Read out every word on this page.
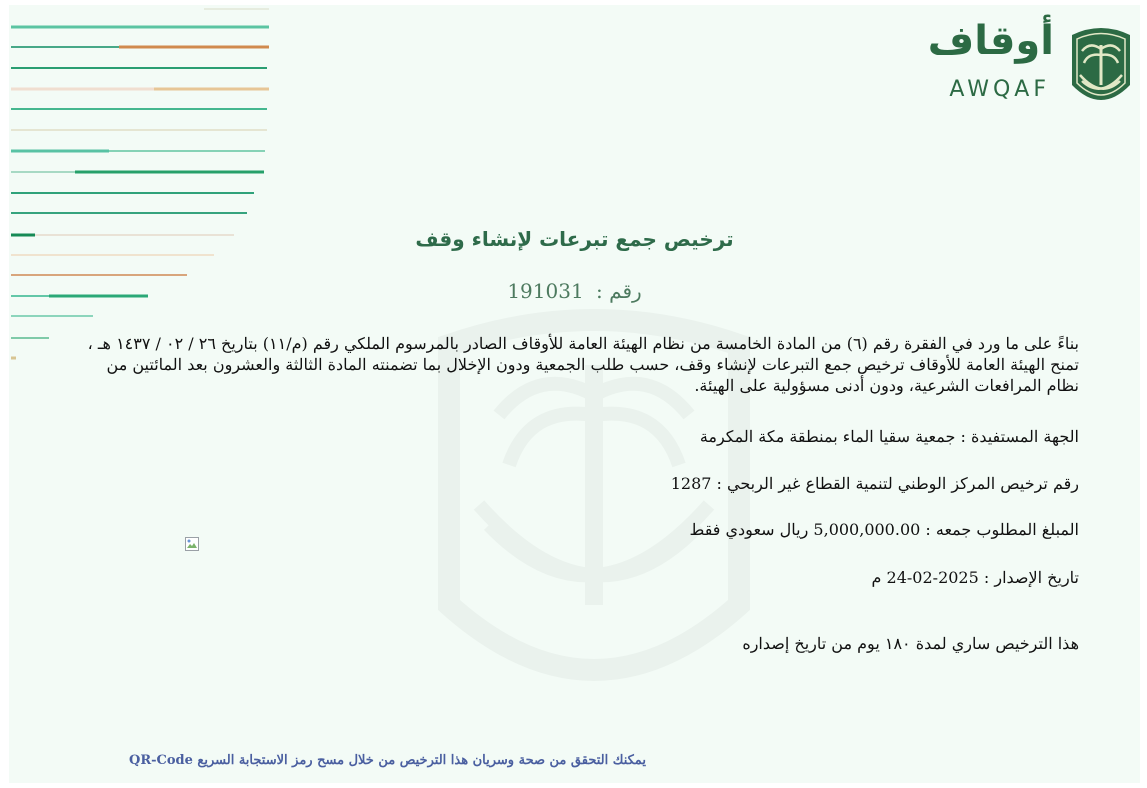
أوقاف
AWQAF
ترخيص جمع تبرعات لإنشاء وقف
رقم : 191031
بناءً على ما ورد في الفقرة رقم (٦) من المادة الخامسة من نظام الهيئة العامة للأوقاف الصادر بالمرسوم الملكي رقم (م/١١) بتاريخ ٢٦ / ٠٢ / ١٤٣٧ هـ ، تمنح الهيئة العامة للأوقاف ترخيص جمع التبرعات لإنشاء وقف، حسب طلب الجمعية ودون الإخلال بما تضمنته المادة الثالثة والعشرون بعد المائتين من نظام المرافعات الشرعية، ودون أدنى مسؤولية على الهيئة.
الجهة المستفيدة : جمعية سقيا الماء بمنطقة مكة المكرمة
رقم ترخيص المركز الوطني لتنمية القطاع غير الربحي : 1287
المبلغ المطلوب جمعه : 5,000,000.00 ريال سعودي فقط
تاريخ الإصدار : 2025-02-24 م
هذا الترخيص ساري لمدة ١٨٠ يوم من تاريخ إصداره
يمكنك التحقق من صحة وسريان هذا الترخيص من خلال مسح رمز الاستجابة السريع QR-Code
